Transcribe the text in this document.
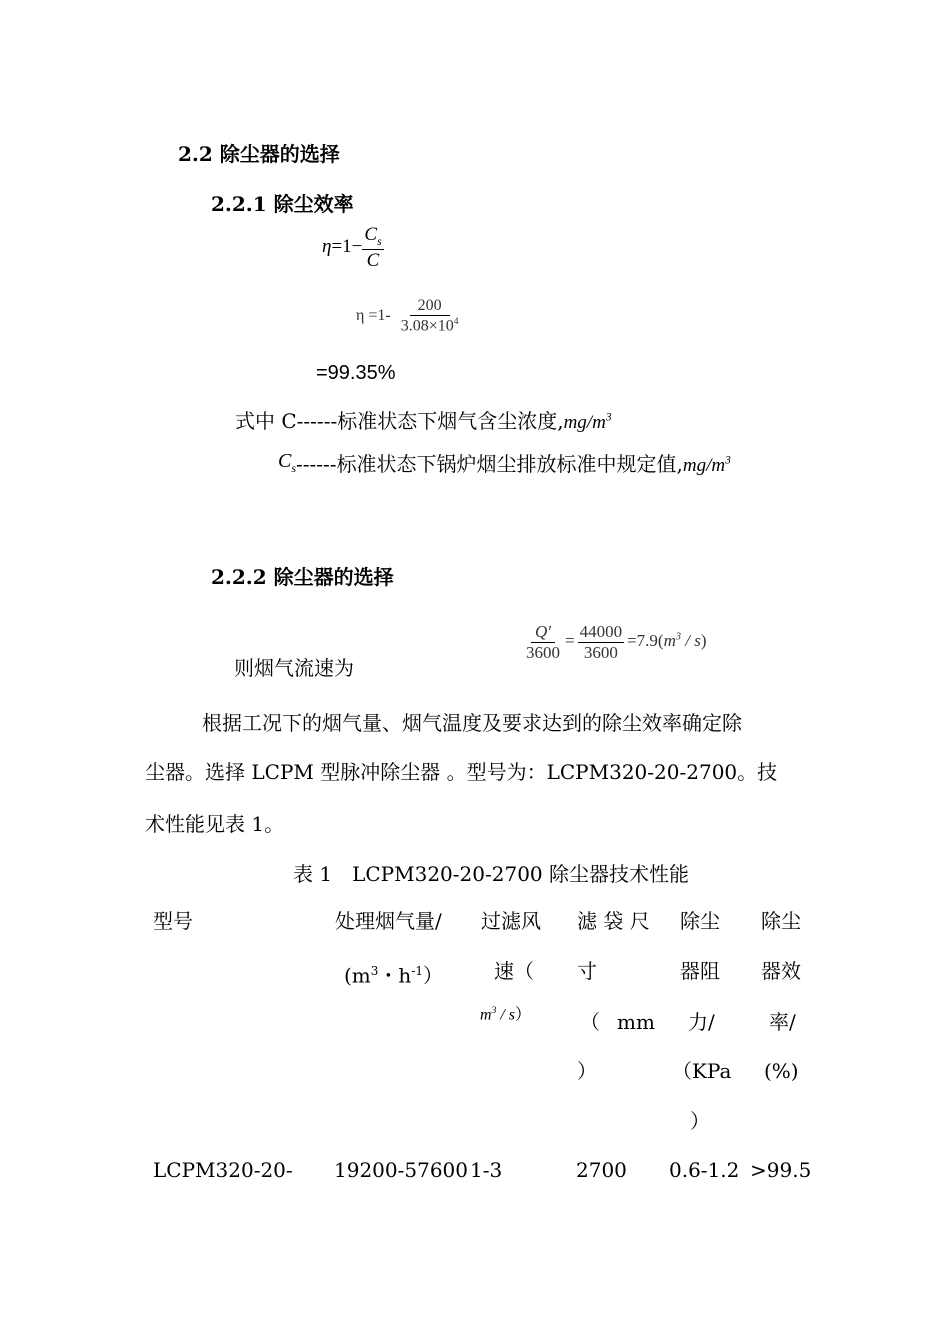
2.2 除尘器的选择
2.2.1 除尘效率
$\eta=1- \frac{C_s}{C}$
$\eta =1- \frac{200}{3.08\times 10^4}$
=99.35%
式中 C------标准状态下烟气含尘浓度$,mg/m^3$
$C_s------$标准状态下锅炉烟尘排放标准中规定值$,mg/m^3$
2.2.2 除尘器的选择
则烟气流速为
$\frac{Q'}{3600} = \frac{44000}{3600} =7.9(m^3 / s)$
根据工况下的烟气量、烟气温度及要求达到的除尘效率确定除
尘器。选择 LCPM 型脉冲除尘器 。型号为：LCPM320-20-2700。技
术性能见表 1。
表 1　LCPM320-20-2700 除尘器技术性能
型号	处理烟气量/
($m^3$・$h^{-1}$）
过滤风
速（
$m^3 / s$）
滤 袋 尺
寸
（ mm
）
除尘
器阻
力/
（KPa
）
除尘
器效
率/
(%)
LCPM320-20- 19200-57600 1-3	2700 0.6-1.2 >99.5
